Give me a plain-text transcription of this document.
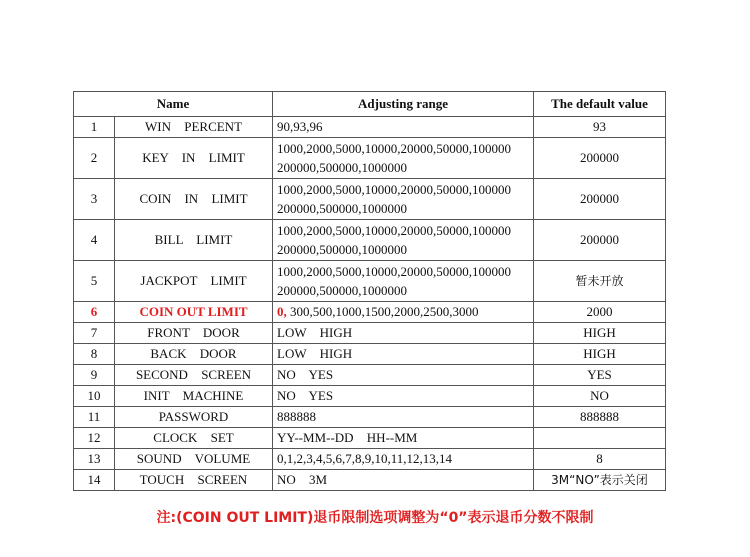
Name		Adjusting range	The default value
1	WIN PERCENT	90,93,96	93
2	KEY IN LIMIT	1000,2000,5000,10000,20000,50000,100000
200000,500000,1000000	200000
3	COIN IN LIMIT	1000,2000,5000,10000,20000,50000,100000
200000,500000,1000000	200000
4	BILL LIMIT	1000,2000,5000,10000,20000,50000,100000
200000,500000,1000000	200000
5	JACKPOT LIMIT	1000,2000,5000,10000,20000,50000,100000
200000,500000,1000000	暂未开放
6	COIN OUT LIMIT	0, 300,500,1000,1500,2000,2500,3000	2000
7	FRONT DOOR	LOW HIGH	HIGH
8	BACK DOOR	LOW HIGH	HIGH
9	SECOND SCREEN	NO YES	YES
10	INIT MACHINE	NO YES	NO
11	PASSWORD	888888	888888
12	CLOCK SET	YY--MM--DD HH--MM	
13	SOUND VOLUME	0,1,2,3,4,5,6,7,8,9,10,11,12,13,14	8
14	TOUCH SCREEN	NO 3M	3M“NO”表示关闭
注:(COIN OUT LIMIT)退币限制选项调整为“0”表示退币分数不限制
